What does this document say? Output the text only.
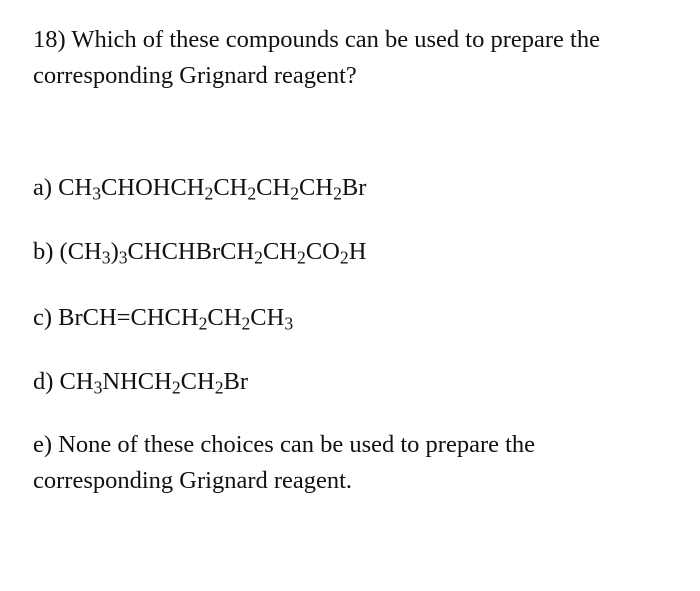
18) Which of these compounds can be used to prepare the corresponding Grignard reagent?
a) $CH_3CHOHCH_2CH_2CH_2CH_2Br$
b) $(CH_3)_3CHCHBrCH_2CH_2CO_2H$
c) $BrCH=CHCH_2CH_2CH_3$
d) $CH_3NHCH_2CH_2Br$
e) None of these choices can be used to prepare the corresponding Grignard reagent.
